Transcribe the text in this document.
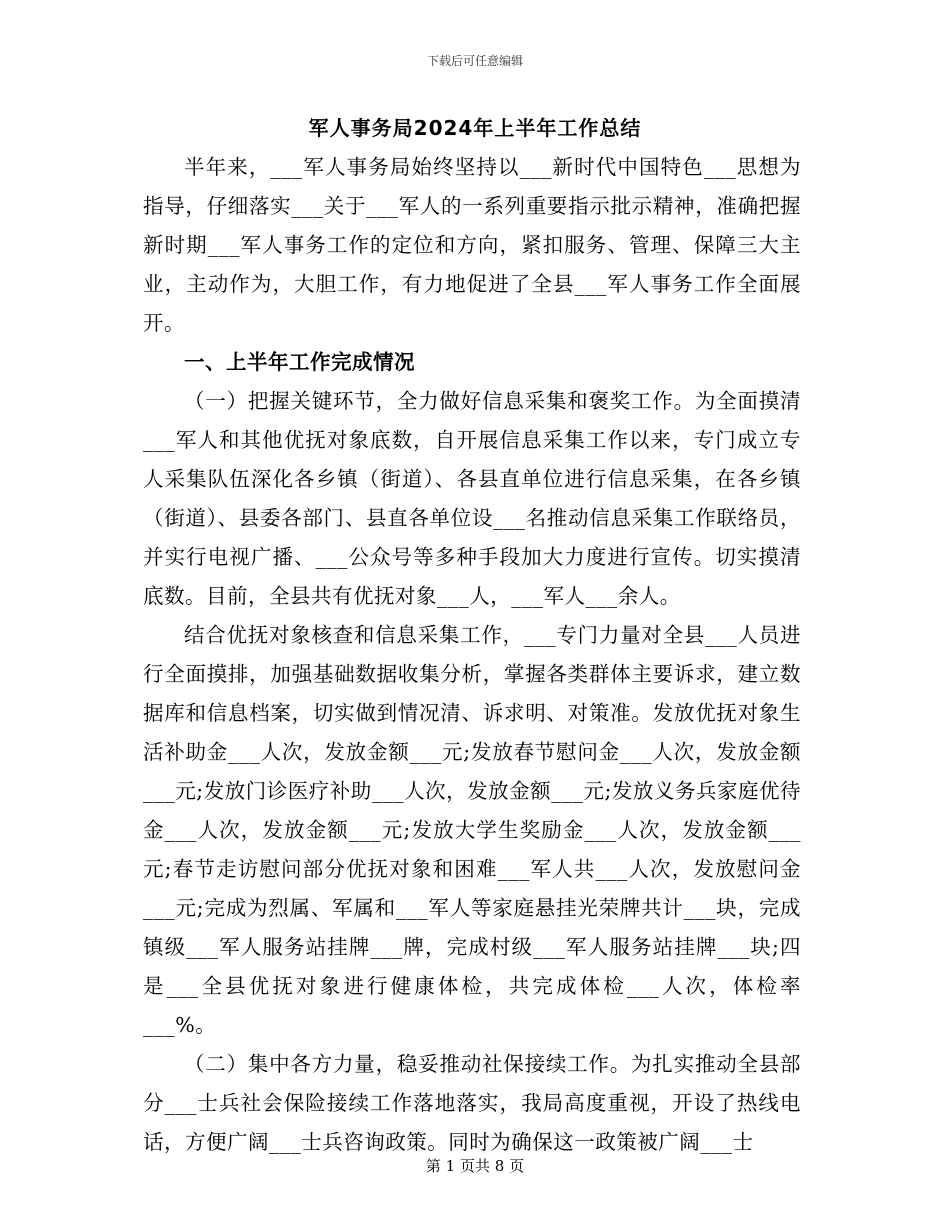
下载后可任意编辑
军人事务局2024年上半年工作总结

半年来，___军人事务局始终坚持以___新时代中国特色___思想为指导，仔细落实___关于___军人的一系列重要指示批示精神，准确把握新时期___军人事务工作的定位和方向，紧扣服务、管理、保障三大主业，主动作为，大胆工作，有力地促进了全县___军人事务工作全面展开。

一、上半年工作完成情况

（一）把握关键环节，全力做好信息采集和褒奖工作。为全面摸清___军人和其他优抚对象底数，自开展信息采集工作以来，专门成立专人采集队伍深化各乡镇（街道）、各县直单位进行信息采集，在各乡镇（街道）、县委各部门、县直各单位设___名推动信息采集工作联络员，并实行电视广播、___公众号等多种手段加大力度进行宣传。切实摸清底数。目前，全县共有优抚对象___人，___军人___余人。

结合优抚对象核查和信息采集工作，___专门力量对全县___人员进行全面摸排，加强基础数据收集分析，掌握各类群体主要诉求，建立数据库和信息档案，切实做到情况清、诉求明、对策准。发放优抚对象生活补助金___人次，发放金额___元;发放春节慰问金___人次，发放金额___元;发放门诊医疗补助___人次，发放金额___元;发放义务兵家庭优待金___人次，发放金额___元;发放大学生奖励金___人次，发放金额___元;春节走访慰问部分优抚对象和困难___军人共___人次，发放慰问金___元;完成为烈属、军属和___军人等家庭悬挂光荣牌共计___块，完成镇级___军人服务站挂牌___牌，完成村级___军人服务站挂牌___块;四是___全县优抚对象进行健康体检，共完成体检___人次，体检率___%。

（二）集中各方力量，稳妥推动社保接续工作。为扎实推动全县部分___士兵社会保险接续工作落地落实，我局高度重视，开设了热线电话，方便广阔___士兵咨询政策。同时为确保这一政策被广阔___士

第 1 页共 8 页
